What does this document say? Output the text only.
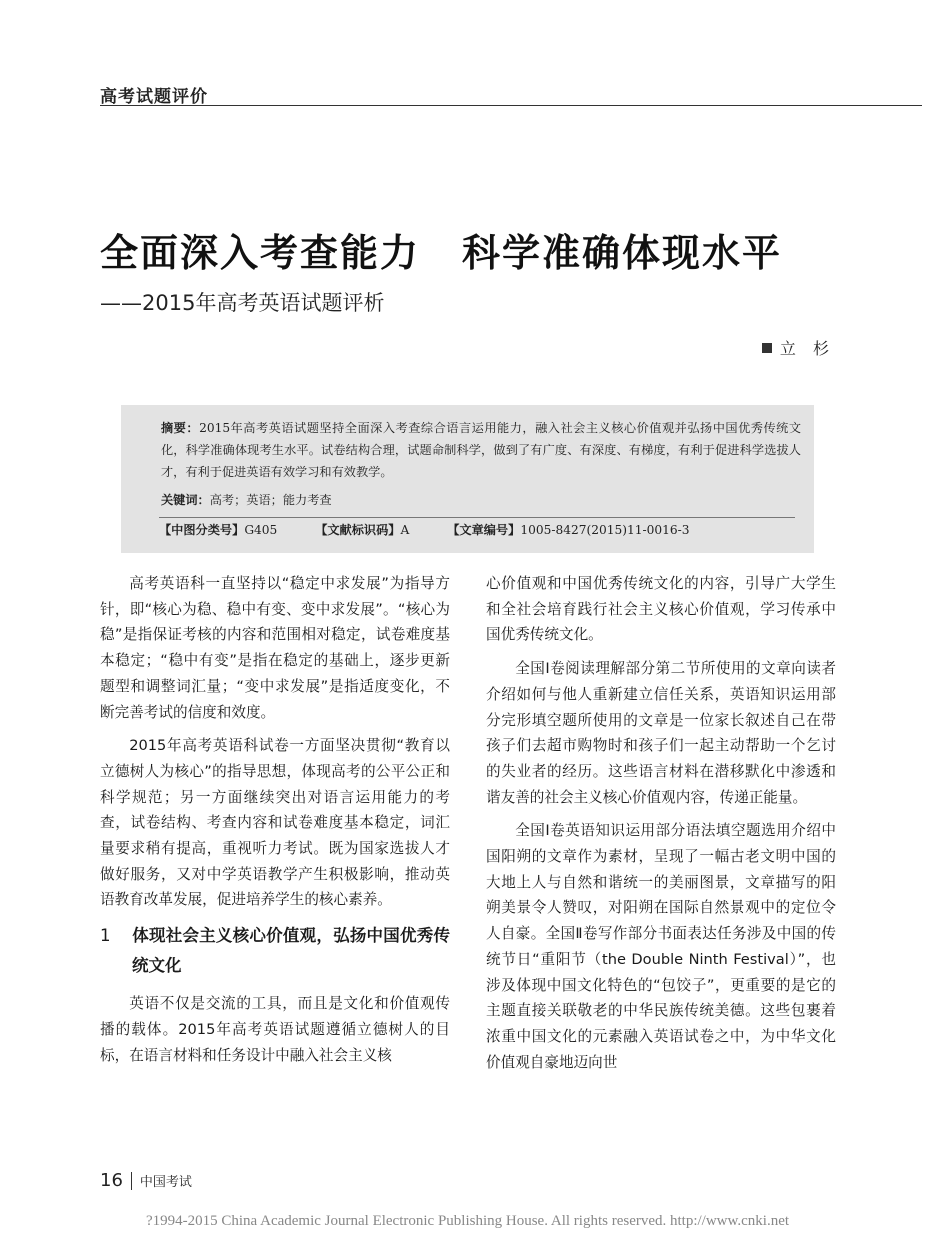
高考试题评价
全面深入考查能力 科学准确体现水平
——2015年高考英语试题评析
立 杉
摘要：2015年高考英语试题坚持全面深入考查综合语言运用能力，融入社会主义核心价值观并弘扬中国优秀传统文化，科学准确体现考生水平。试卷结构合理，试题命制科学，做到了有广度、有深度、有梯度，有利于促进科学选拔人才，有利于促进英语有效学习和有效教学。
关键词：高考；英语；能力考查
【中图分类号】G405	【文献标识码】A	【文章编号】1005-8427(2015)11-0016-3

高考英语科一直坚持以“稳定中求发展”为指导方针，即“核心为稳、稳中有变、变中求发展”。“核心为稳”是指保证考核的内容和范围相对稳定，试卷难度基本稳定；“稳中有变”是指在稳定的基础上，逐步更新题型和调整词汇量；“变中求发展”是指适度变化，不断完善考试的信度和效度。

2015年高考英语科试卷一方面坚决贯彻“教育以立德树人为核心”的指导思想，体现高考的公平公正和科学规范；另一方面继续突出对语言运用能力的考查，试卷结构、考查内容和试卷难度基本稳定，词汇量要求稍有提高，重视听力考试。既为国家选拔人才做好服务，又对中学英语教学产生积极影响，推动英语教育改革发展，促进培养学生的核心素养。

1 体现社会主义核心价值观，弘扬中国优秀传统文化

英语不仅是交流的工具，而且是文化和价值观传播的载体。2015年高考英语试题遵循立德树人的目标，在语言材料和任务设计中融入社会主义核

心价值观和中国优秀传统文化的内容，引导广大学生和全社会培育践行社会主义核心价值观，学习传承中国优秀传统文化。

全国Ⅰ卷阅读理解部分第二节所使用的文章向读者介绍如何与他人重新建立信任关系，英语知识运用部分完形填空题所使用的文章是一位家长叙述自己在带孩子们去超市购物时和孩子们一起主动帮助一个乞讨的失业者的经历。这些语言材料在潜移默化中渗透和谐友善的社会主义核心价值观内容，传递正能量。

全国Ⅰ卷英语知识运用部分语法填空题选用介绍中国阳朔的文章作为素材，呈现了一幅古老文明中国的大地上人与自然和谐统一的美丽图景，文章描写的阳朔美景令人赞叹，对阳朔在国际自然景观中的定位令人自豪。全国Ⅱ卷写作部分书面表达任务涉及中国的传统节日“重阳节（the Double Ninth Festival）”，也涉及体现中国文化特色的“包饺子”，更重要的是它的主题直接关联敬老的中华民族传统美德。这些包裹着浓重中国文化的元素融入英语试卷之中，为中华文化价值观自豪地迈向世

16 中国考试
?1994-2015 China Academic Journal Electronic Publishing House. All rights reserved. http://www.cnki.net
